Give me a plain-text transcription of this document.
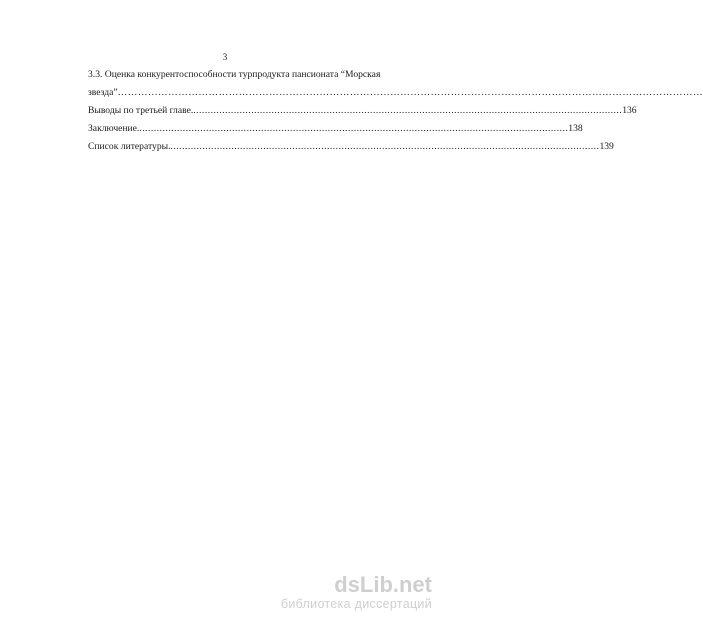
3
3.3. Оценка конкурентоспособности турпродукта пансионата “Морская
звезда” …………………………………………………………………………………………………………………………………………………………
Выводы по третьей главе. .................................................................................................................................................... 136
Заключение. .................................................................................................................................................... 138
Список литературы. .................................................................................................................................................... 139
dsLib.net
библиотека диссертаций
